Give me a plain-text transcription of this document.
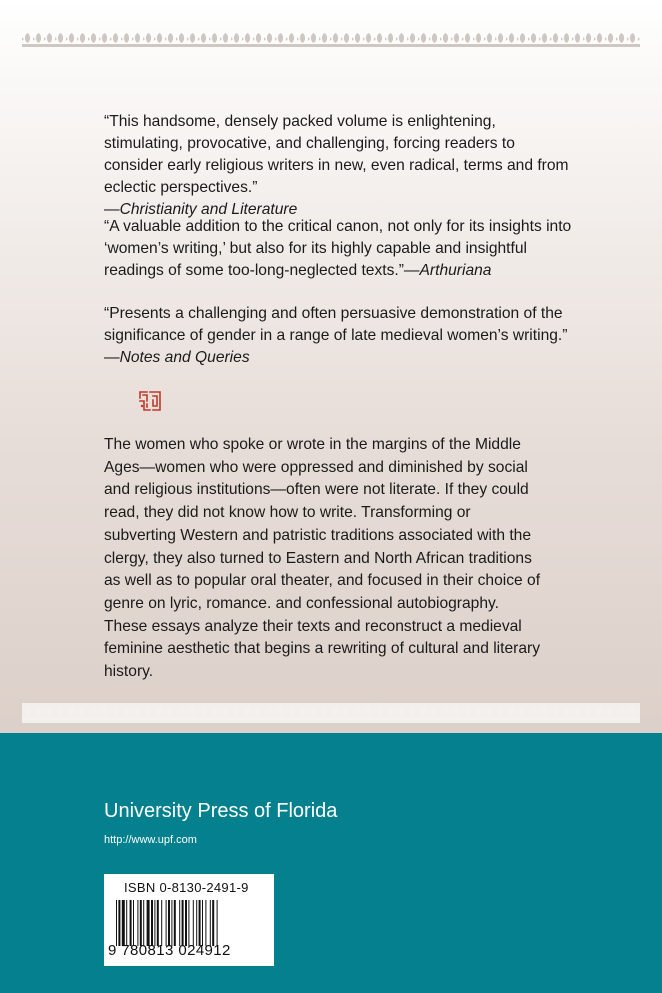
“This handsome, densely packed volume is enlightening, stimulating, provocative, and challenging, forcing readers to consider early religious writers in new, even radical, terms and from eclectic perspectives.”
—Christianity and Literature

“A valuable addition to the critical canon, not only for its insights into ‘women’s writing,’ but also for its highly capable and insightful readings of some too-long-neglected texts.”—Arthuriana

“Presents a challenging and often persuasive demonstration of the significance of gender in a range of late medieval women’s writing.”
—Notes and Queries

The women who spoke or wrote in the margins of the Middle Ages—women who were oppressed and diminished by social and religious institutions—often were not literate. If they could read, they did not know how to write. Transforming or subverting Western and patristic traditions associated with the clergy, they also turned to Eastern and North African traditions as well as to popular oral theater, and focused in their choice of genre on lyric, romance. and confessional autobiography. These essays analyze their texts and reconstruct a medieval feminine aesthetic that begins a rewriting of cultural and literary history.

University Press of Florida

http://www.upf.com

ISBN 0-8130-2491-9
9 780813 024912
